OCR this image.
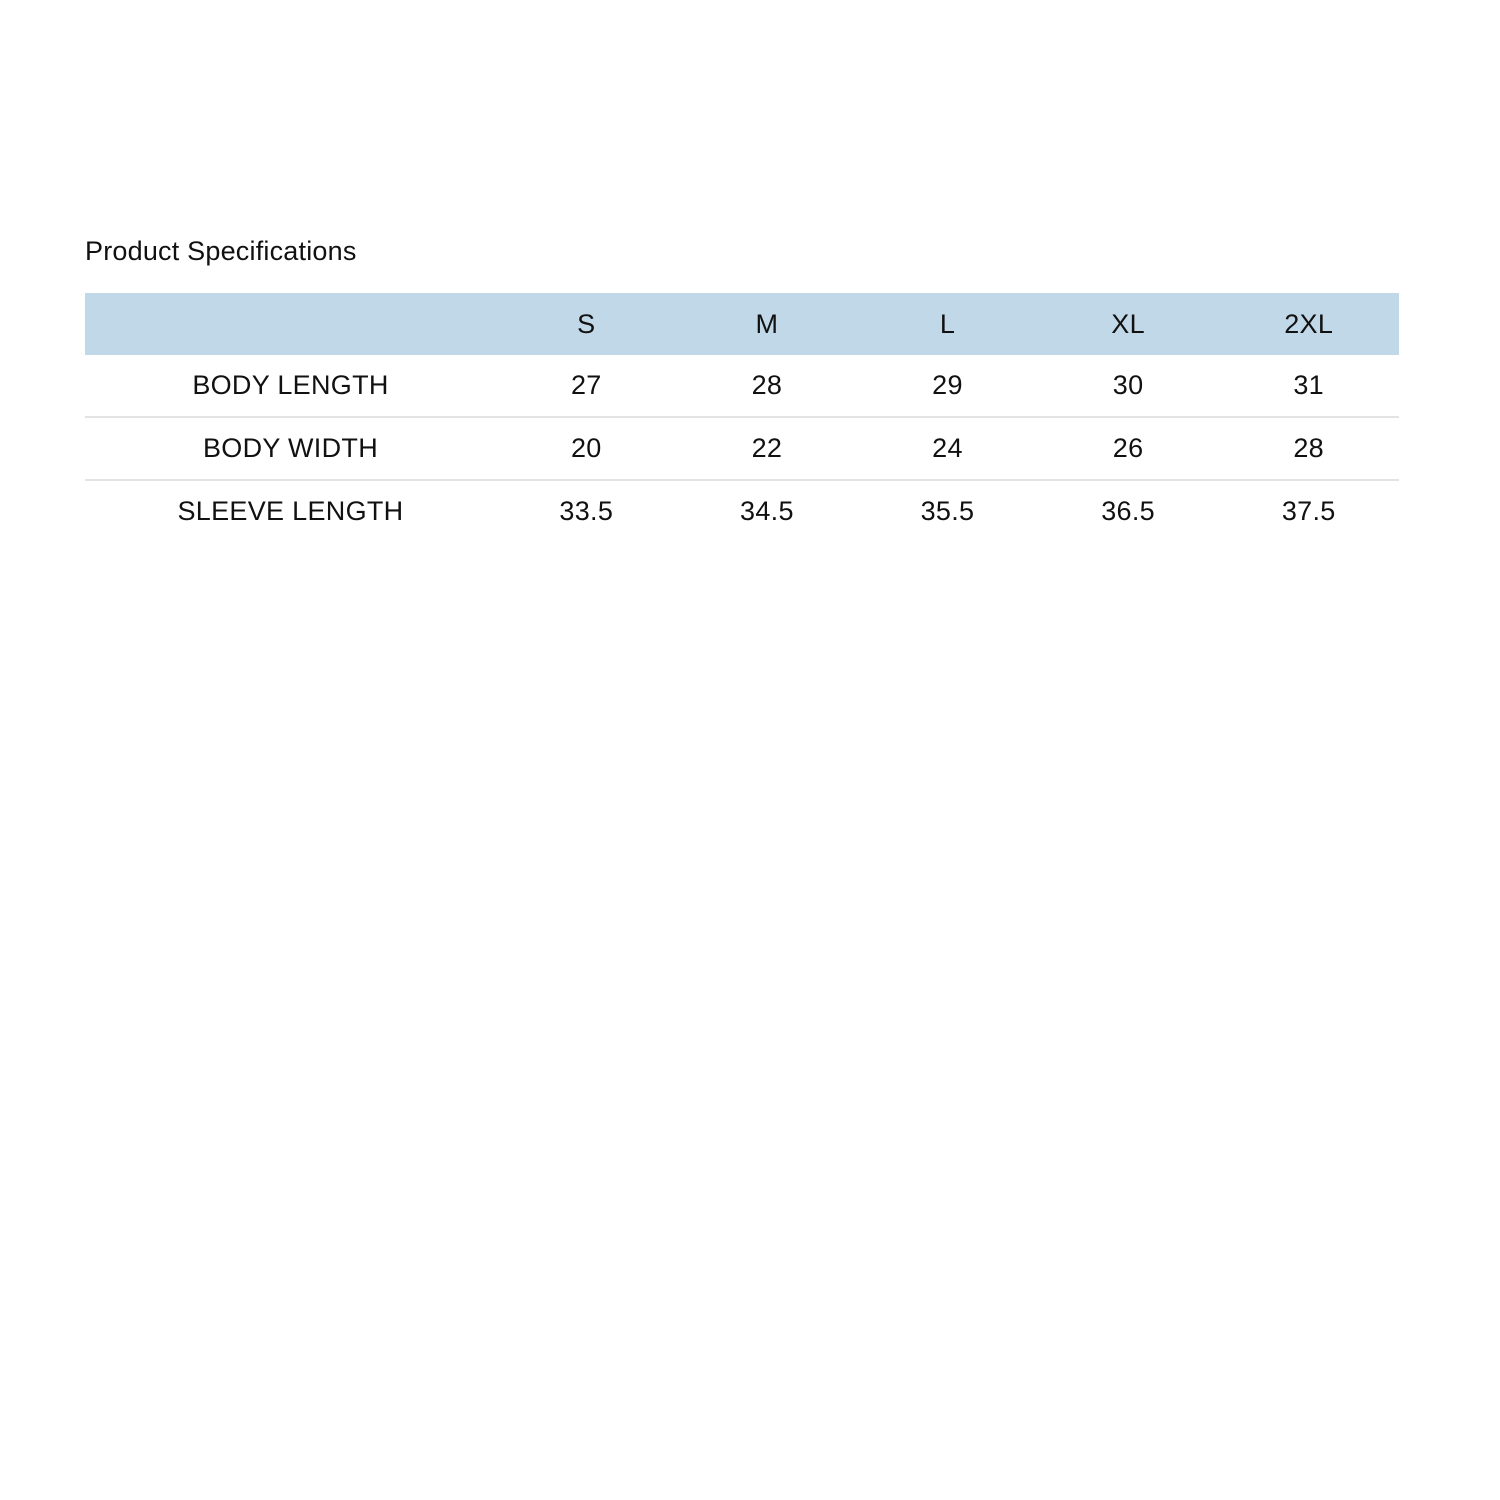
Product Specifications
	S	M	L	XL	2XL
BODY LENGTH	27	28	29	30	31
BODY WIDTH	20	22	24	26	28
SLEEVE LENGTH	33.5	34.5	35.5	36.5	37.5
